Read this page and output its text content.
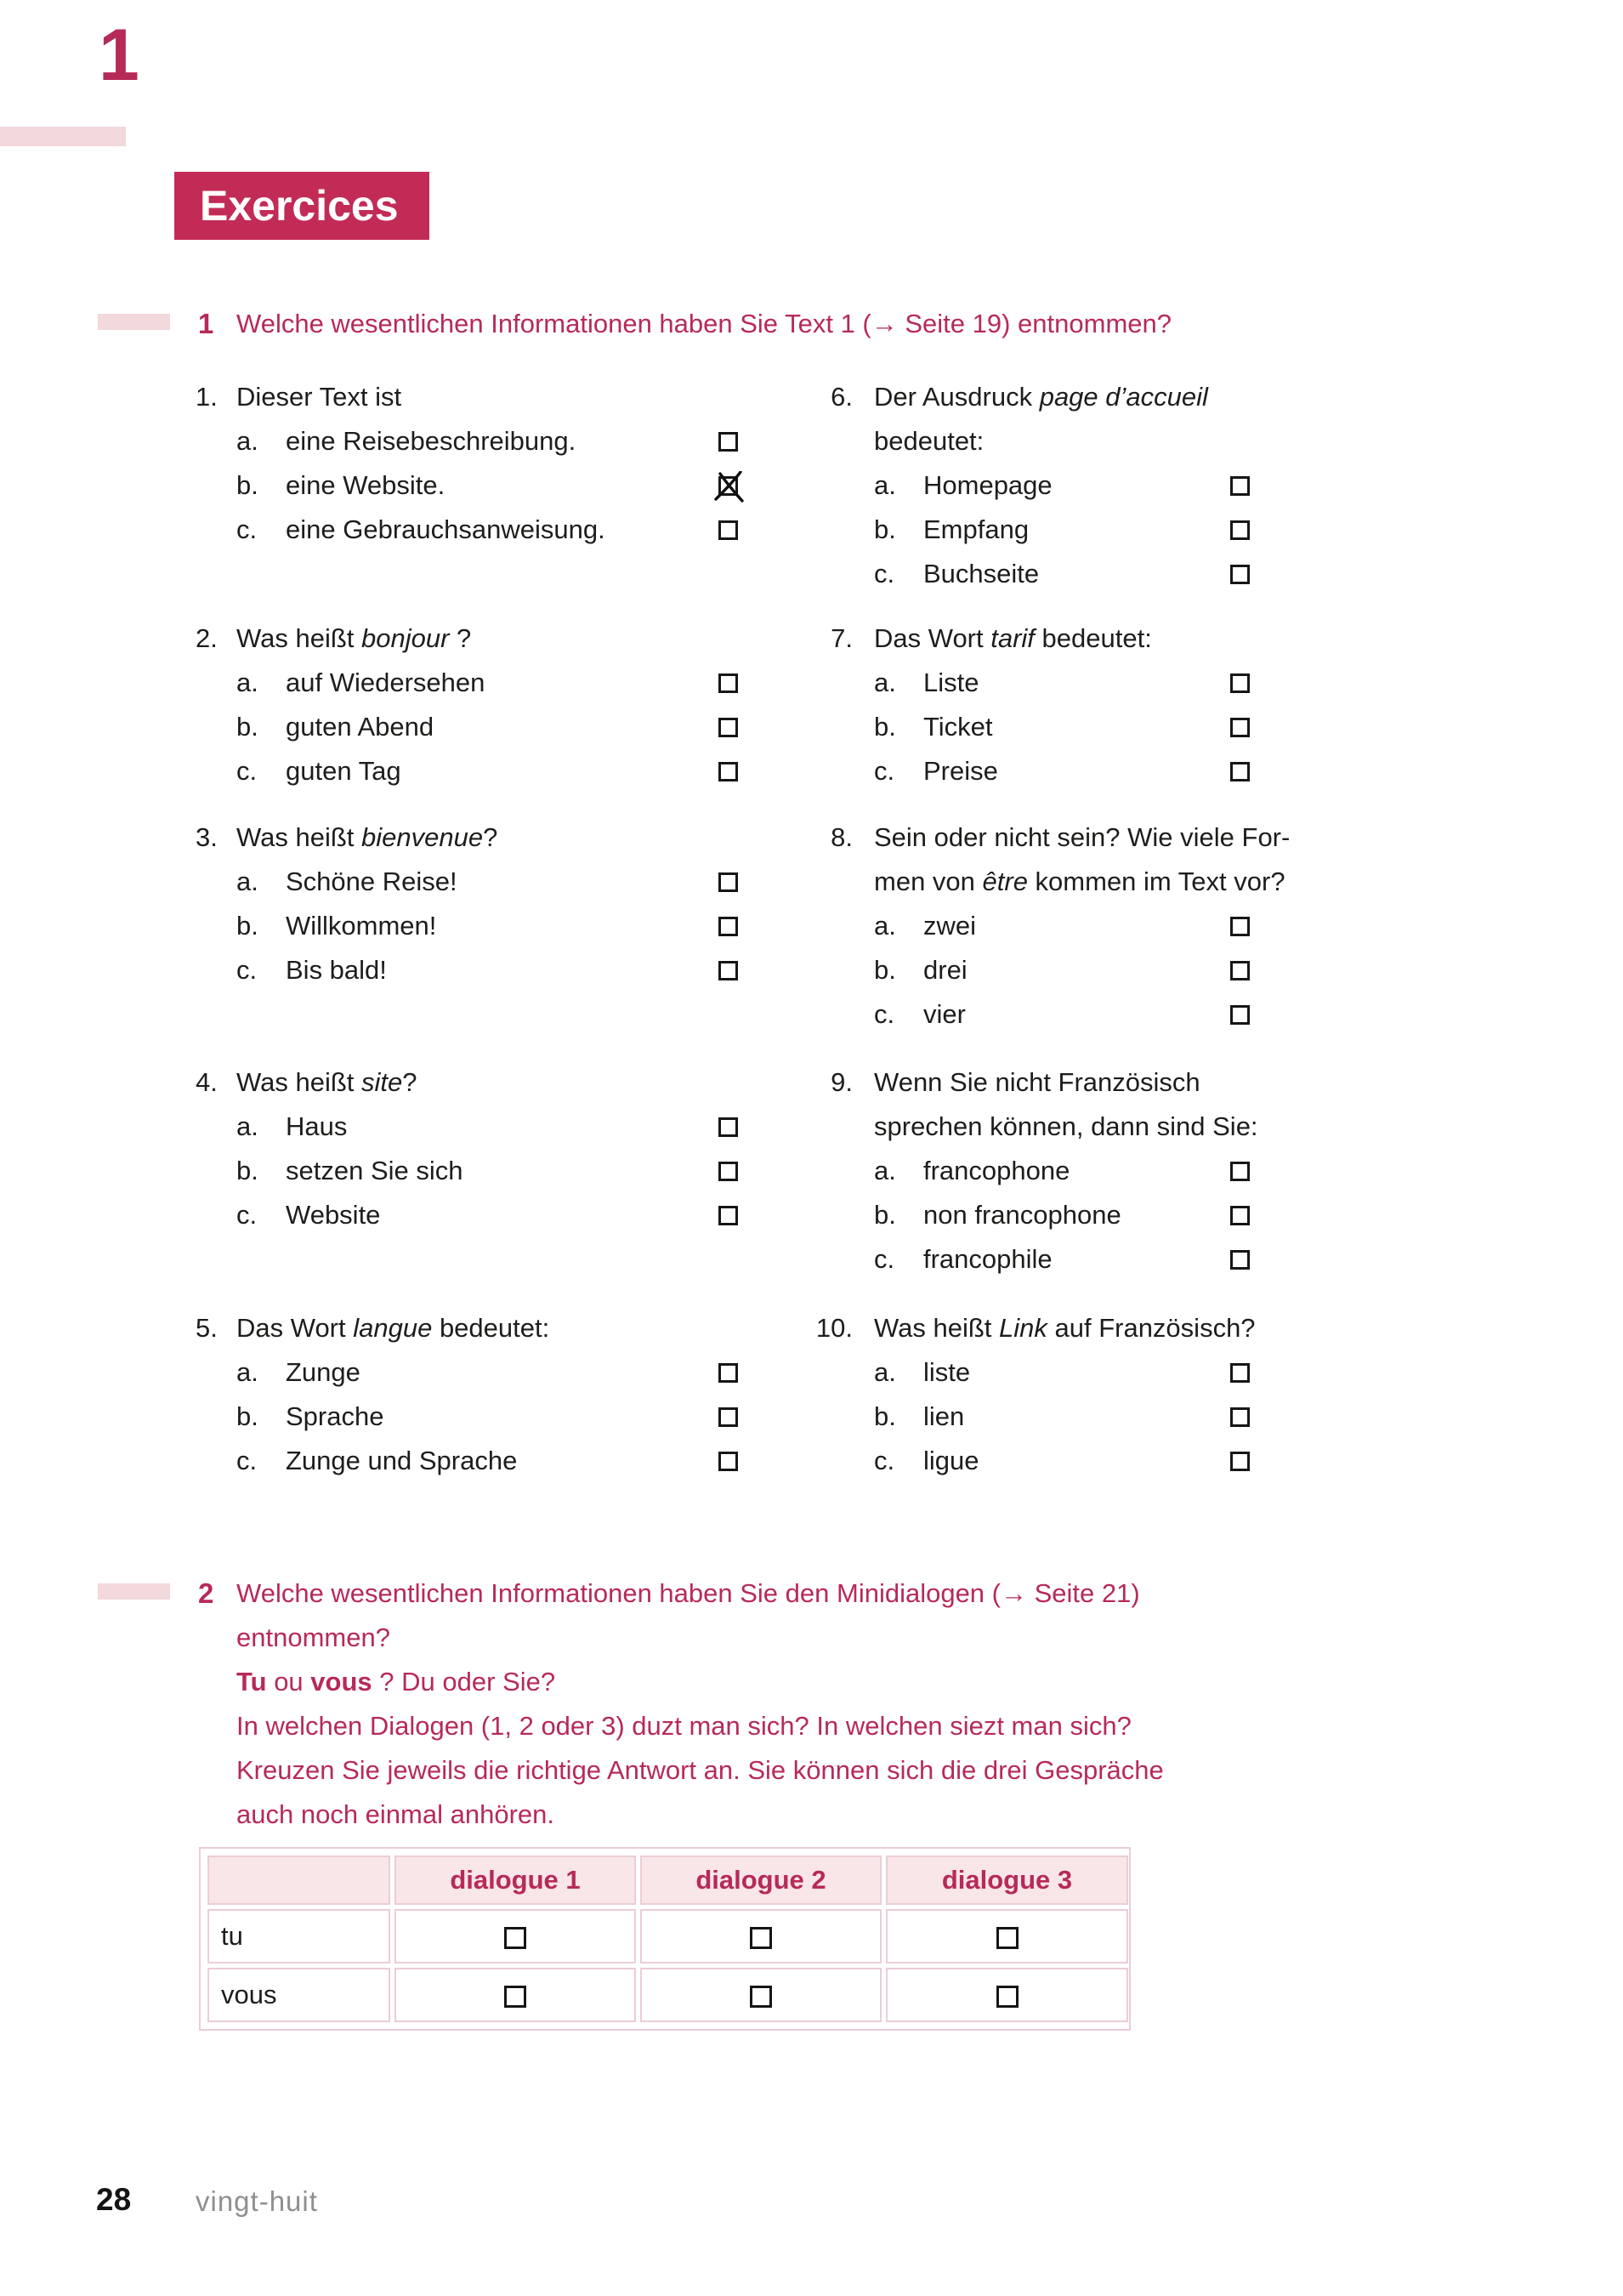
1
Exercices
1 Welche wesentlichen Informationen haben Sie Text 1 (→ Seite 19) entnommen?
1. Dieser Text ist
a.	eine Reisebeschreibung.
b.	eine Website.
c.	eine Gebrauchsanweisung.
6. Der Ausdruck page d’accueil
bedeutet:
a.	Homepage
b.	Empfang
c.	Buchseite
2. Was heißt bonjour ?
a.	auf Wiedersehen
b.	guten Abend
c.	guten Tag
7. Das Wort tarif bedeutet:
a.	Liste
b.	Ticket
c.	Preise
3. Was heißt bienvenue?
a.	Schöne Reise!
b.	Willkommen!
c.	Bis bald!
8. Sein oder nicht sein? Wie viele For-
men von être kommen im Text vor?
a.	zwei
b.	drei
c.	vier
4. Was heißt site?
a.	Haus
b.	setzen Sie sich
c.	Website
9. Wenn Sie nicht Französisch
sprechen können, dann sind Sie:
a.	francophone
b.	non francophone
c.	francophile
5. Das Wort langue bedeutet:
a.	Zunge
b.	Sprache
c.	Zunge und Sprache
10. Was heißt Link auf Französisch?
a.	liste
b.	lien
c.	ligue
2 Welche wesentlichen Informationen haben Sie den Minidialogen (→ Seite 21)
entnommen?
Tu ou vous ? Du oder Sie?
In welchen Dialogen (1, 2 oder 3) duzt man sich? In welchen siezt man sich?
Kreuzen Sie jeweils die richtige Antwort an. Sie können sich die drei Gespräche
auch noch einmal anhören.
	dialogue 1	dialogue 2	dialogue 3
tu			
vous			
28 vingt-huit
